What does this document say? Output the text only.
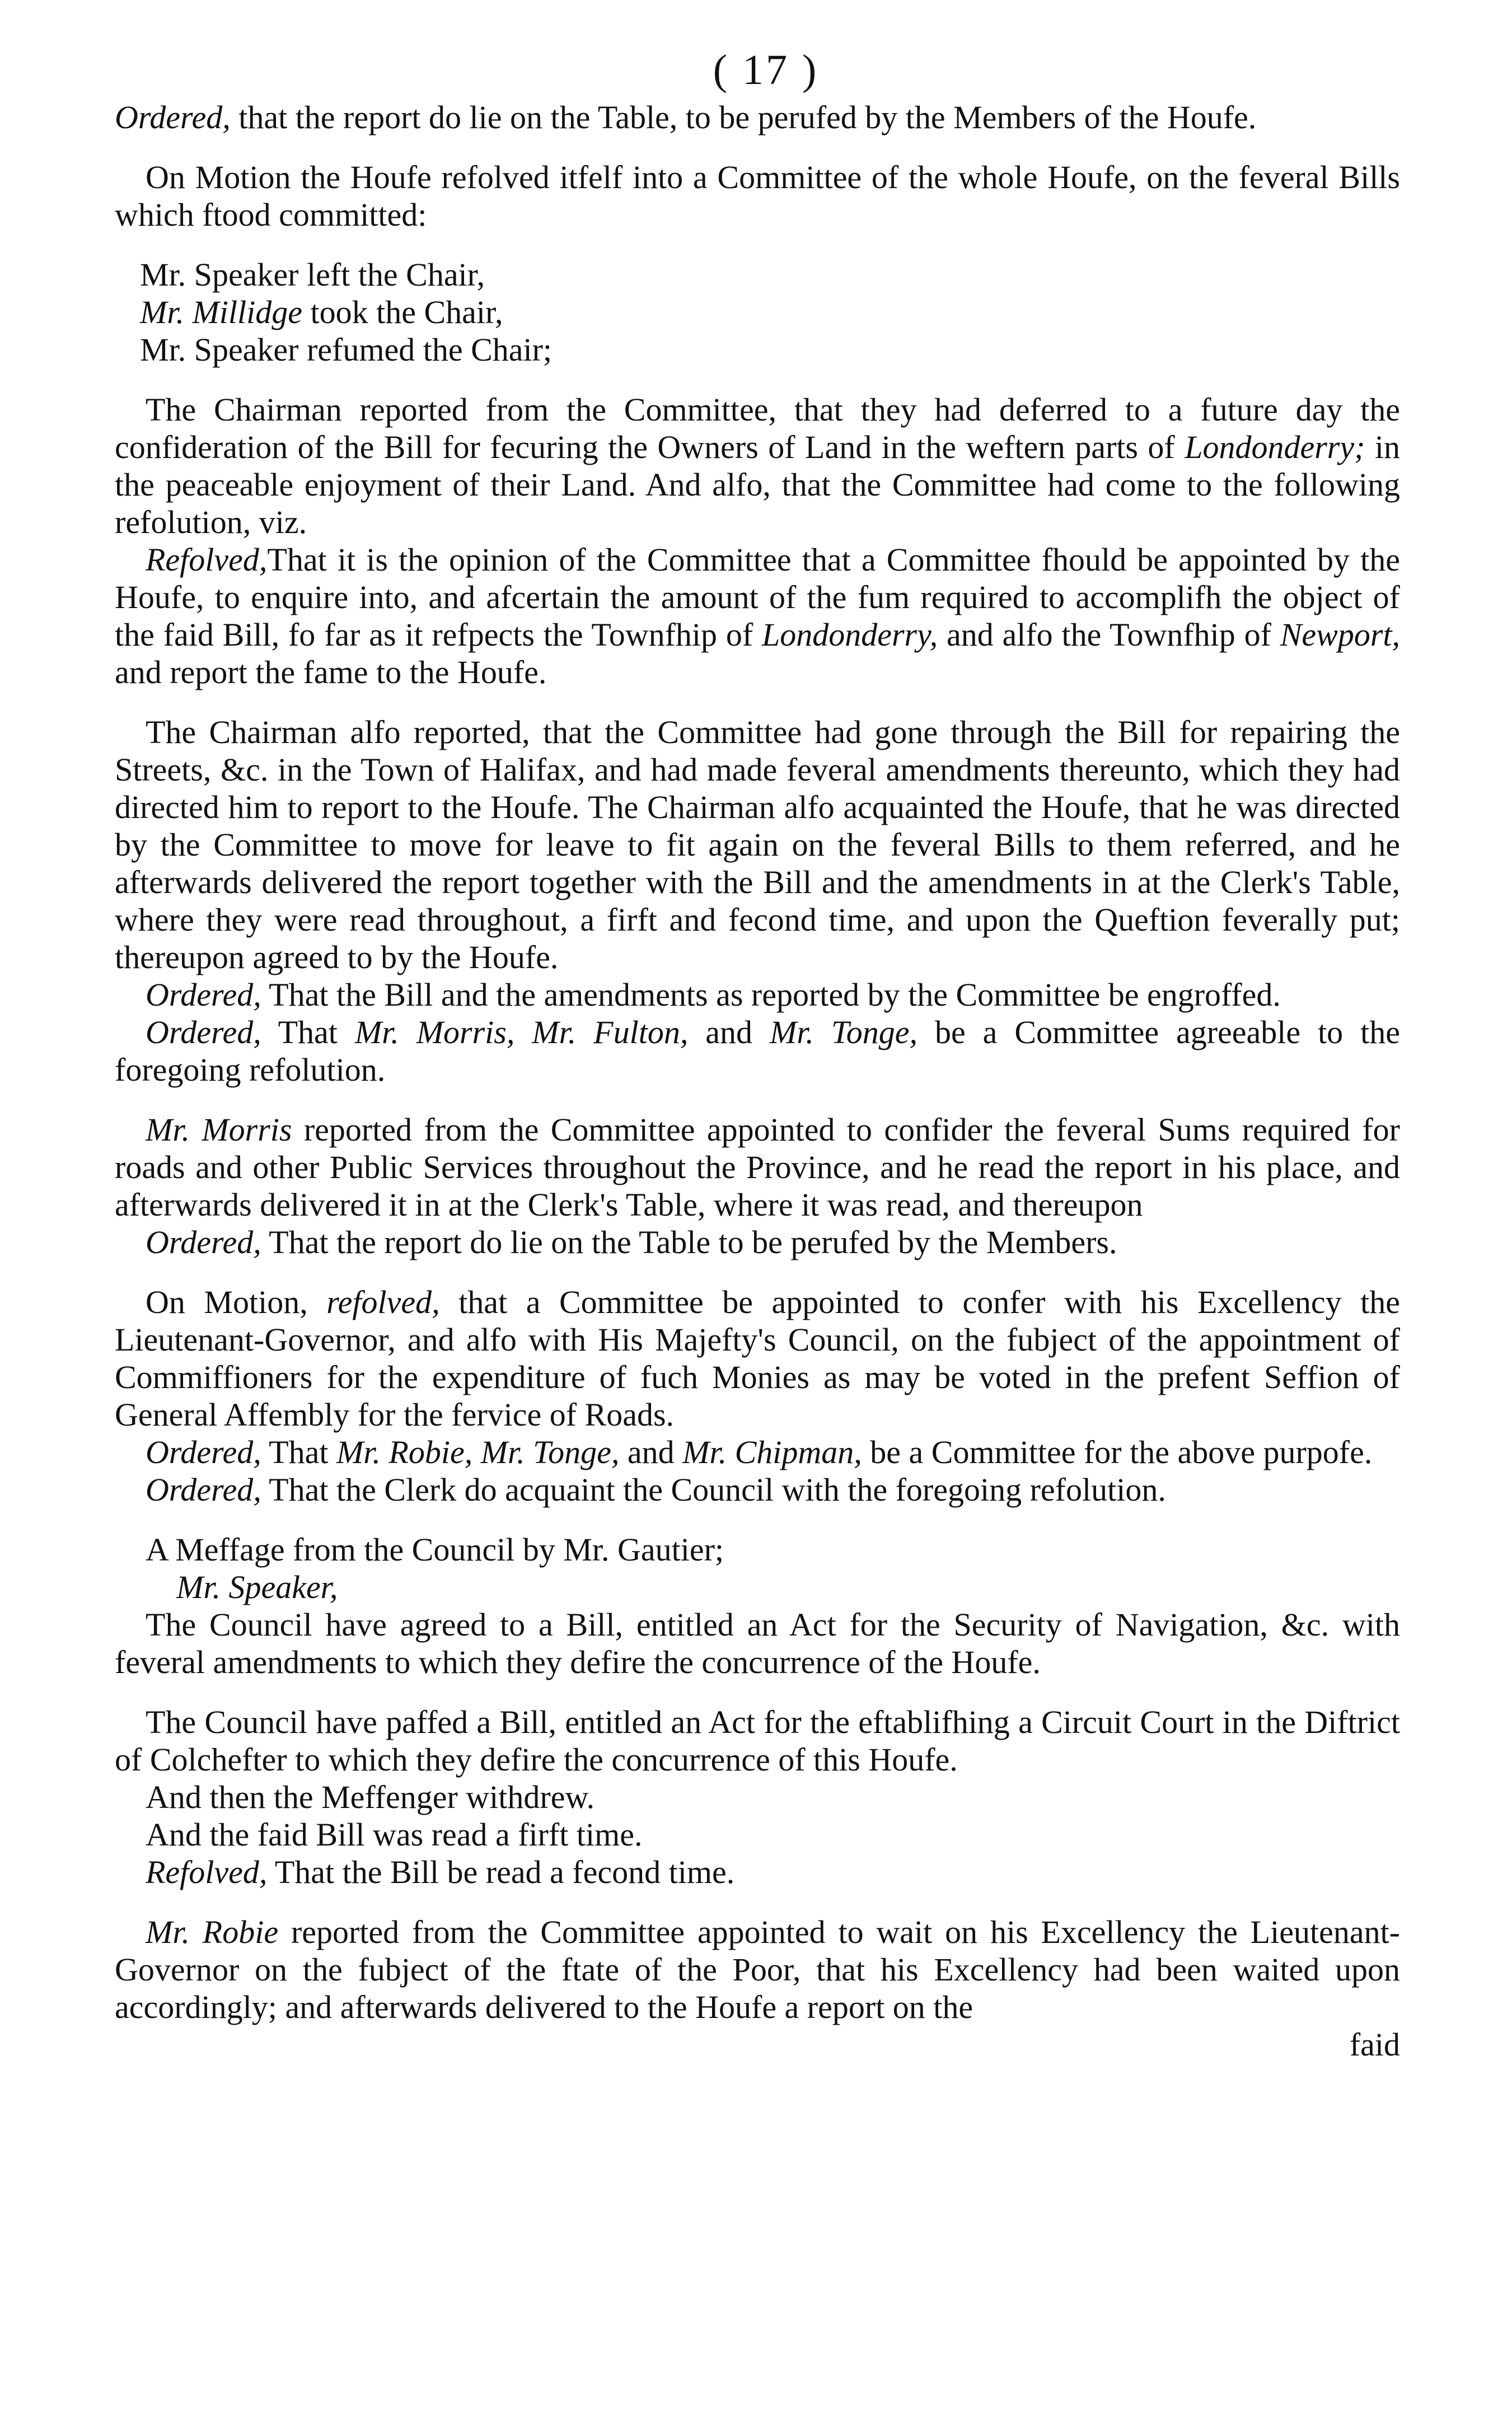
( 17 )

Ordered, that the report do lie on the Table, to be perufed by the Members of the Houfe.

On Motion the Houfe refolved itfelf into a Committee of the whole Houfe, on the feveral Bills which ftood committed:

Mr. Speaker left the Chair,
Mr. Millidge took the Chair,
Mr. Speaker refumed the Chair;

The Chairman reported from the Committee, that they had deferred to a future day the confideration of the Bill for fecuring the Owners of Land in the weftern parts of Londonderry; in the peaceable enjoyment of their Land. And alfo, that the Committee had come to the following refolution, viz.

Refolved,That it is the opinion of the Committee that a Committee fhould be appointed by the Houfe, to enquire into, and afcertain the amount of the fum required to accomplifh the object of the faid Bill, fo far as it refpects the Townfhip of Londonderry, and alfo the Townfhip of Newport, and report the fame to the Houfe.

The Chairman alfo reported, that the Committee had gone through the Bill for repairing the Streets, &c. in the Town of Halifax, and had made feveral amendments thereunto, which they had directed him to report to the Houfe. The Chairman alfo acquainted the Houfe, that he was directed by the Committee to move for leave to fit again on the feveral Bills to them referred, and he afterwards delivered the report together with the Bill and the amendments in at the Clerk's Table, where they were read throughout, a firft and fecond time, and upon the Queftion feverally put; thereupon agreed to by the Houfe.

Ordered, That the Bill and the amendments as reported by the Committee be engroffed.

Ordered, That Mr. Morris, Mr. Fulton, and Mr. Tonge, be a Committee agreeable to the foregoing refolution.

Mr. Morris reported from the Committee appointed to confider the feveral Sums required for roads and other Public Services throughout the Province, and he read the report in his place, and afterwards delivered it in at the Clerk's Table, where it was read, and thereupon

Ordered, That the report do lie on the Table to be perufed by the Members.

On Motion, refolved, that a Committee be appointed to confer with his Excellency the Lieutenant-Governor, and alfo with His Majefty's Council, on the fubject of the appointment of Commiffioners for the expenditure of fuch Monies as may be voted in the prefent Seffion of General Affembly for the fervice of Roads.

Ordered, That Mr. Robie, Mr. Tonge, and Mr. Chipman, be a Committee for the above purpofe.

Ordered, That the Clerk do acquaint the Council with the foregoing refolution.

A Meffage from the Council by Mr. Gautier;

Mr. Speaker,

The Council have agreed to a Bill, entitled an Act for the Security of Navigation, &c. with feveral amendments to which they defire the concurrence of the Houfe.

The Council have paffed a Bill, entitled an Act for the eftablifhing a Circuit Court in the Diftrict of Colchefter to which they defire the concurrence of this Houfe.

And then the Meffenger withdrew.

And the faid Bill was read a firft time.

Refolved, That the Bill be read a fecond time.

Mr. Robie reported from the Committee appointed to wait on his Excellency the Lieutenant-Governor on the fubject of the ftate of the Poor, that his Excellency had been waited upon accordingly; and afterwards delivered to the Houfe a report on the

faid
